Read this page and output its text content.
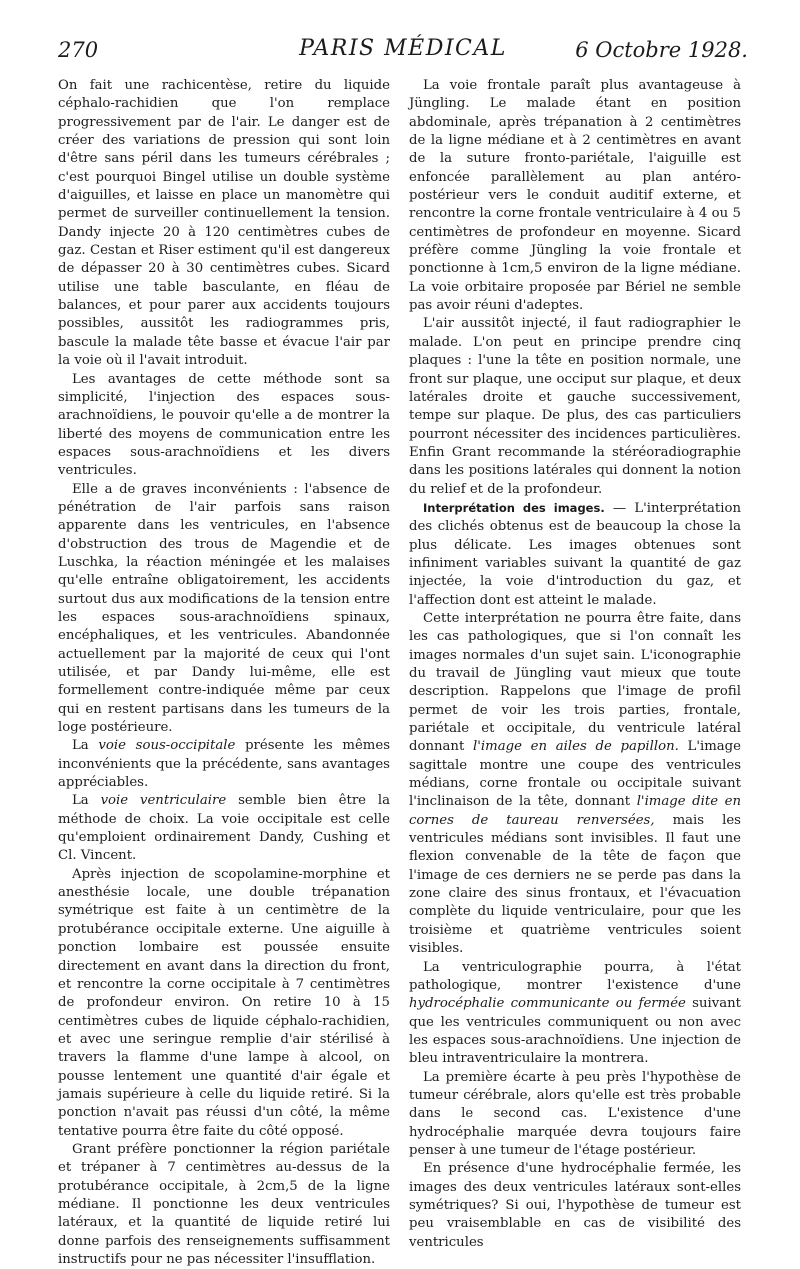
270	PARIS MÉDICAL	6 Octobre 1928.

On fait une rachicentèse, retire du liquide céphalo-rachidien que l'on remplace progressivement par de l'air. Le danger est de créer des variations de pression qui sont loin d'être sans péril dans les tumeurs cérébrales ; c'est pourquoi Bingel utilise un double système d'aiguilles, et laisse en place un manomètre qui permet de surveiller continuellement la tension. Dandy injecte 20 à 120 centimètres cubes de gaz. Cestan et Riser estiment qu'il est dangereux de dépasser 20 à 30 centimètres cubes. Sicard utilise une table basculante, en fléau de balances, et pour parer aux accidents toujours possibles, aussitôt les radiogrammes pris, bascule la malade tête basse et évacue l'air par la voie où il l'avait introduit.

Les avantages de cette méthode sont sa simplicité, l'injection des espaces sous-arachnoïdiens, le pouvoir qu'elle a de montrer la liberté des moyens de communication entre les espaces sous-arachnoïdiens et les divers ventricules.

Elle a de graves inconvénients : l'absence de pénétration de l'air parfois sans raison apparente dans les ventricules, en l'absence d'obstruction des trous de Magendie et de Luschka, la réaction méningée et les malaises qu'elle entraîne obligatoirement, les accidents surtout dus aux modifications de la tension entre les espaces sous-arachnoïdiens spinaux, encéphaliques, et les ventricules. Abandonnée actuellement par la majorité de ceux qui l'ont utilisée, et par Dandy lui-même, elle est formellement contre-indiquée même par ceux qui en restent partisans dans les tumeurs de la loge postérieure.

La voie sous-occipitale présente les mêmes inconvénients que la précédente, sans avantages appréciables.

La voie ventriculaire semble bien être la méthode de choix. La voie occipitale est celle qu'emploient ordinairement Dandy, Cushing et Cl. Vincent.

Après injection de scopolamine-morphine et anesthésie locale, une double trépanation symétrique est faite à un centimètre de la protubérance occipitale externe. Une aiguille à ponction lombaire est poussée ensuite directement en avant dans la direction du front, et rencontre la corne occipitale à 7 centimètres de profondeur environ. On retire 10 à 15 centimètres cubes de liquide céphalo-rachidien, et avec une seringue remplie d'air stérilisé à travers la flamme d'une lampe à alcool, on pousse lentement une quantité d'air égale et jamais supérieure à celle du liquide retiré. Si la ponction n'avait pas réussi d'un côté, la même tentative pourra être faite du côté opposé.

Grant préfère ponctionner la région pariétale et trépaner à 7 centimètres au-dessus de la protubérance occipitale, à 2cm,5 de la ligne médiane. Il ponctionne les deux ventricules latéraux, et la quantité de liquide retiré lui donne parfois des renseignements suffisamment instructifs pour ne pas nécessiter l'insufflation.

La voie frontale paraît plus avantageuse à Jüngling. Le malade étant en position abdominale, après trépanation à 2 centimètres de la ligne médiane et à 2 centimètres en avant de la suture fronto-pariétale, l'aiguille est enfoncée parallèlement au plan antéro-postérieur vers le conduit auditif externe, et rencontre la corne frontale ventriculaire à 4 ou 5 centimètres de profondeur en moyenne. Sicard préfère comme Jüngling la voie frontale et ponctionne à 1cm,5 environ de la ligne médiane. La voie orbitaire proposée par Bériel ne semble pas avoir réuni d'adeptes.

L'air aussitôt injecté, il faut radiographier le malade. L'on peut en principe prendre cinq plaques : l'une la tête en position normale, une front sur plaque, une occiput sur plaque, et deux latérales droite et gauche successivement, tempe sur plaque. De plus, des cas particuliers pourront nécessiter des incidences particulières. Enfin Grant recommande la stéréoradiographie dans les positions latérales qui donnent la notion du relief et de la profondeur.

Interprétation des images. — L'interprétation des clichés obtenus est de beaucoup la chose la plus délicate. Les images obtenues sont infiniment variables suivant la quantité de gaz injectée, la voie d'introduction du gaz, et l'affection dont est atteint le malade.

Cette interprétation ne pourra être faite, dans les cas pathologiques, que si l'on connaît les images normales d'un sujet sain. L'iconographie du travail de Jüngling vaut mieux que toute description. Rappelons que l'image de profil permet de voir les trois parties, frontale, pariétale et occipitale, du ventricule latéral donnant l'image en ailes de papillon. L'image sagittale montre une coupe des ventricules médians, corne frontale ou occipitale suivant l'inclinaison de la tête, donnant l'image dite en cornes de taureau renversées, mais les ventricules médians sont invisibles. Il faut une flexion convenable de la tête de façon que l'image de ces derniers ne se perde pas dans la zone claire des sinus frontaux, et l'évacuation complète du liquide ventriculaire, pour que les troisième et quatrième ventricules soient visibles.

La ventriculographie pourra, à l'état pathologique, montrer l'existence d'une hydrocéphalie communicante ou fermée suivant que les ventricules communiquent ou non avec les espaces sous-arachnoïdiens. Une injection de bleu intraventriculaire la montrera.

La première écarte à peu près l'hypothèse de tumeur cérébrale, alors qu'elle est très probable dans le second cas. L'existence d'une hydrocéphalie marquée devra toujours faire penser à une tumeur de l'étage postérieur.

En présence d'une hydrocéphalie fermée, les images des deux ventricules latéraux sont-elles symétriques? Si oui, l'hypothèse de tumeur est peu vraisemblable en cas de visibilité des ventricules
